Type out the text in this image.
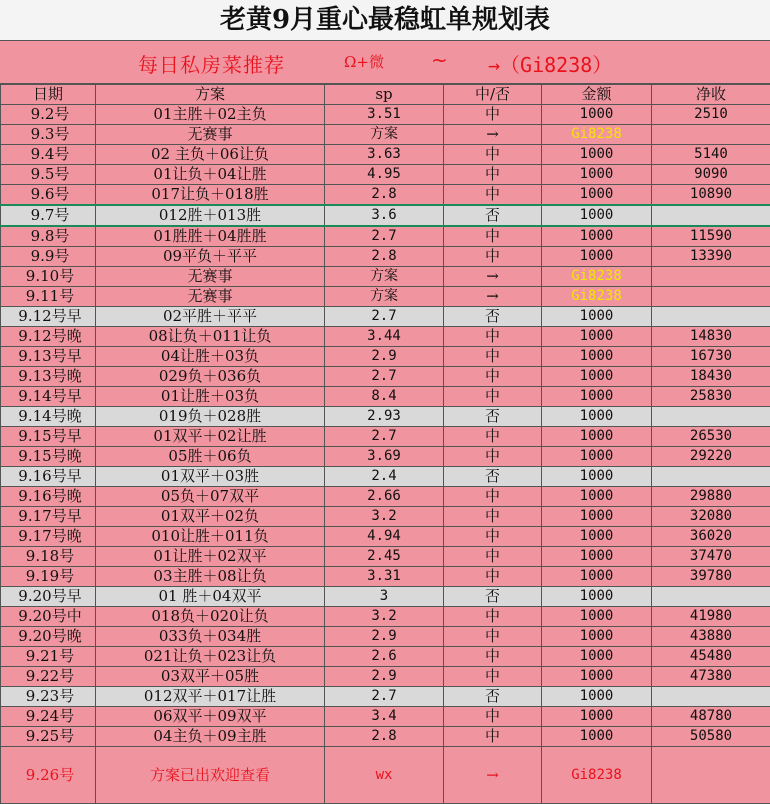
老黄9月重心最稳虹单规划表
每日私房菜推荐	Ω+微 ~ →（Gi8238）
日期	方案	sp	中/否	金额	净收
9.2号	01主胜＋02主负	3.51	中	1000	2510
9.3号	无赛事	方案	→	Gi8238	
9.4号	02 主负＋06让负	3.63	中	1000	5140
9.5号	01让负＋04让胜	4.95	中	1000	9090
9.6号	017让负＋018胜	2.8	中	1000	10890
9.7号	012胜＋013胜	3.6	否	1000	
9.8号	01胜胜＋04胜胜	2.7	中	1000	11590
9.9号	09平负＋平平	2.8	中	1000	13390
9.10号	无赛事	方案	→	Gi8238	
9.11号	无赛事	方案	→	Gi8238	
9.12号早	02平胜＋平平	2.7	否	1000	
9.12号晚	08让负＋011让负	3.44	中	1000	14830
9.13号早	04让胜＋03负	2.9	中	1000	16730
9.13号晚	029负＋036负	2.7	中	1000	18430
9.14号早	01让胜＋03负	8.4	中	1000	25830
9.14号晚	019负＋028胜	2.93	否	1000	
9.15号早	01双平＋02让胜	2.7	中	1000	26530
9.15号晚	05胜＋06负	3.69	中	1000	29220
9.16号早	01双平＋03胜	2.4	否	1000	
9.16号晚	05负＋07双平	2.66	中	1000	29880
9.17号早	01双平＋02负	3.2	中	1000	32080
9.17号晚	010让胜＋011负	4.94	中	1000	36020
9.18号	01让胜＋02双平	2.45	中	1000	37470
9.19号	03主胜＋08让负	3.31	中	1000	39780
9.20号早	01 胜＋04双平	3	否	1000	
9.20号中	018负＋020让负	3.2	中	1000	41980
9.20号晚	033负＋034胜	2.9	中	1000	43880
9.21号	021让负＋023让负	2.6	中	1000	45480
9.22号	03双平＋05胜	2.9	中	1000	47380
9.23号	012双平＋017让胜	2.7	否	1000	
9.24号	06双平＋09双平	3.4	中	1000	48780
9.25号	04主负＋09主胜	2.8	中	1000	50580
9.26号	方案已出欢迎查看	wx	→	Gi8238	
